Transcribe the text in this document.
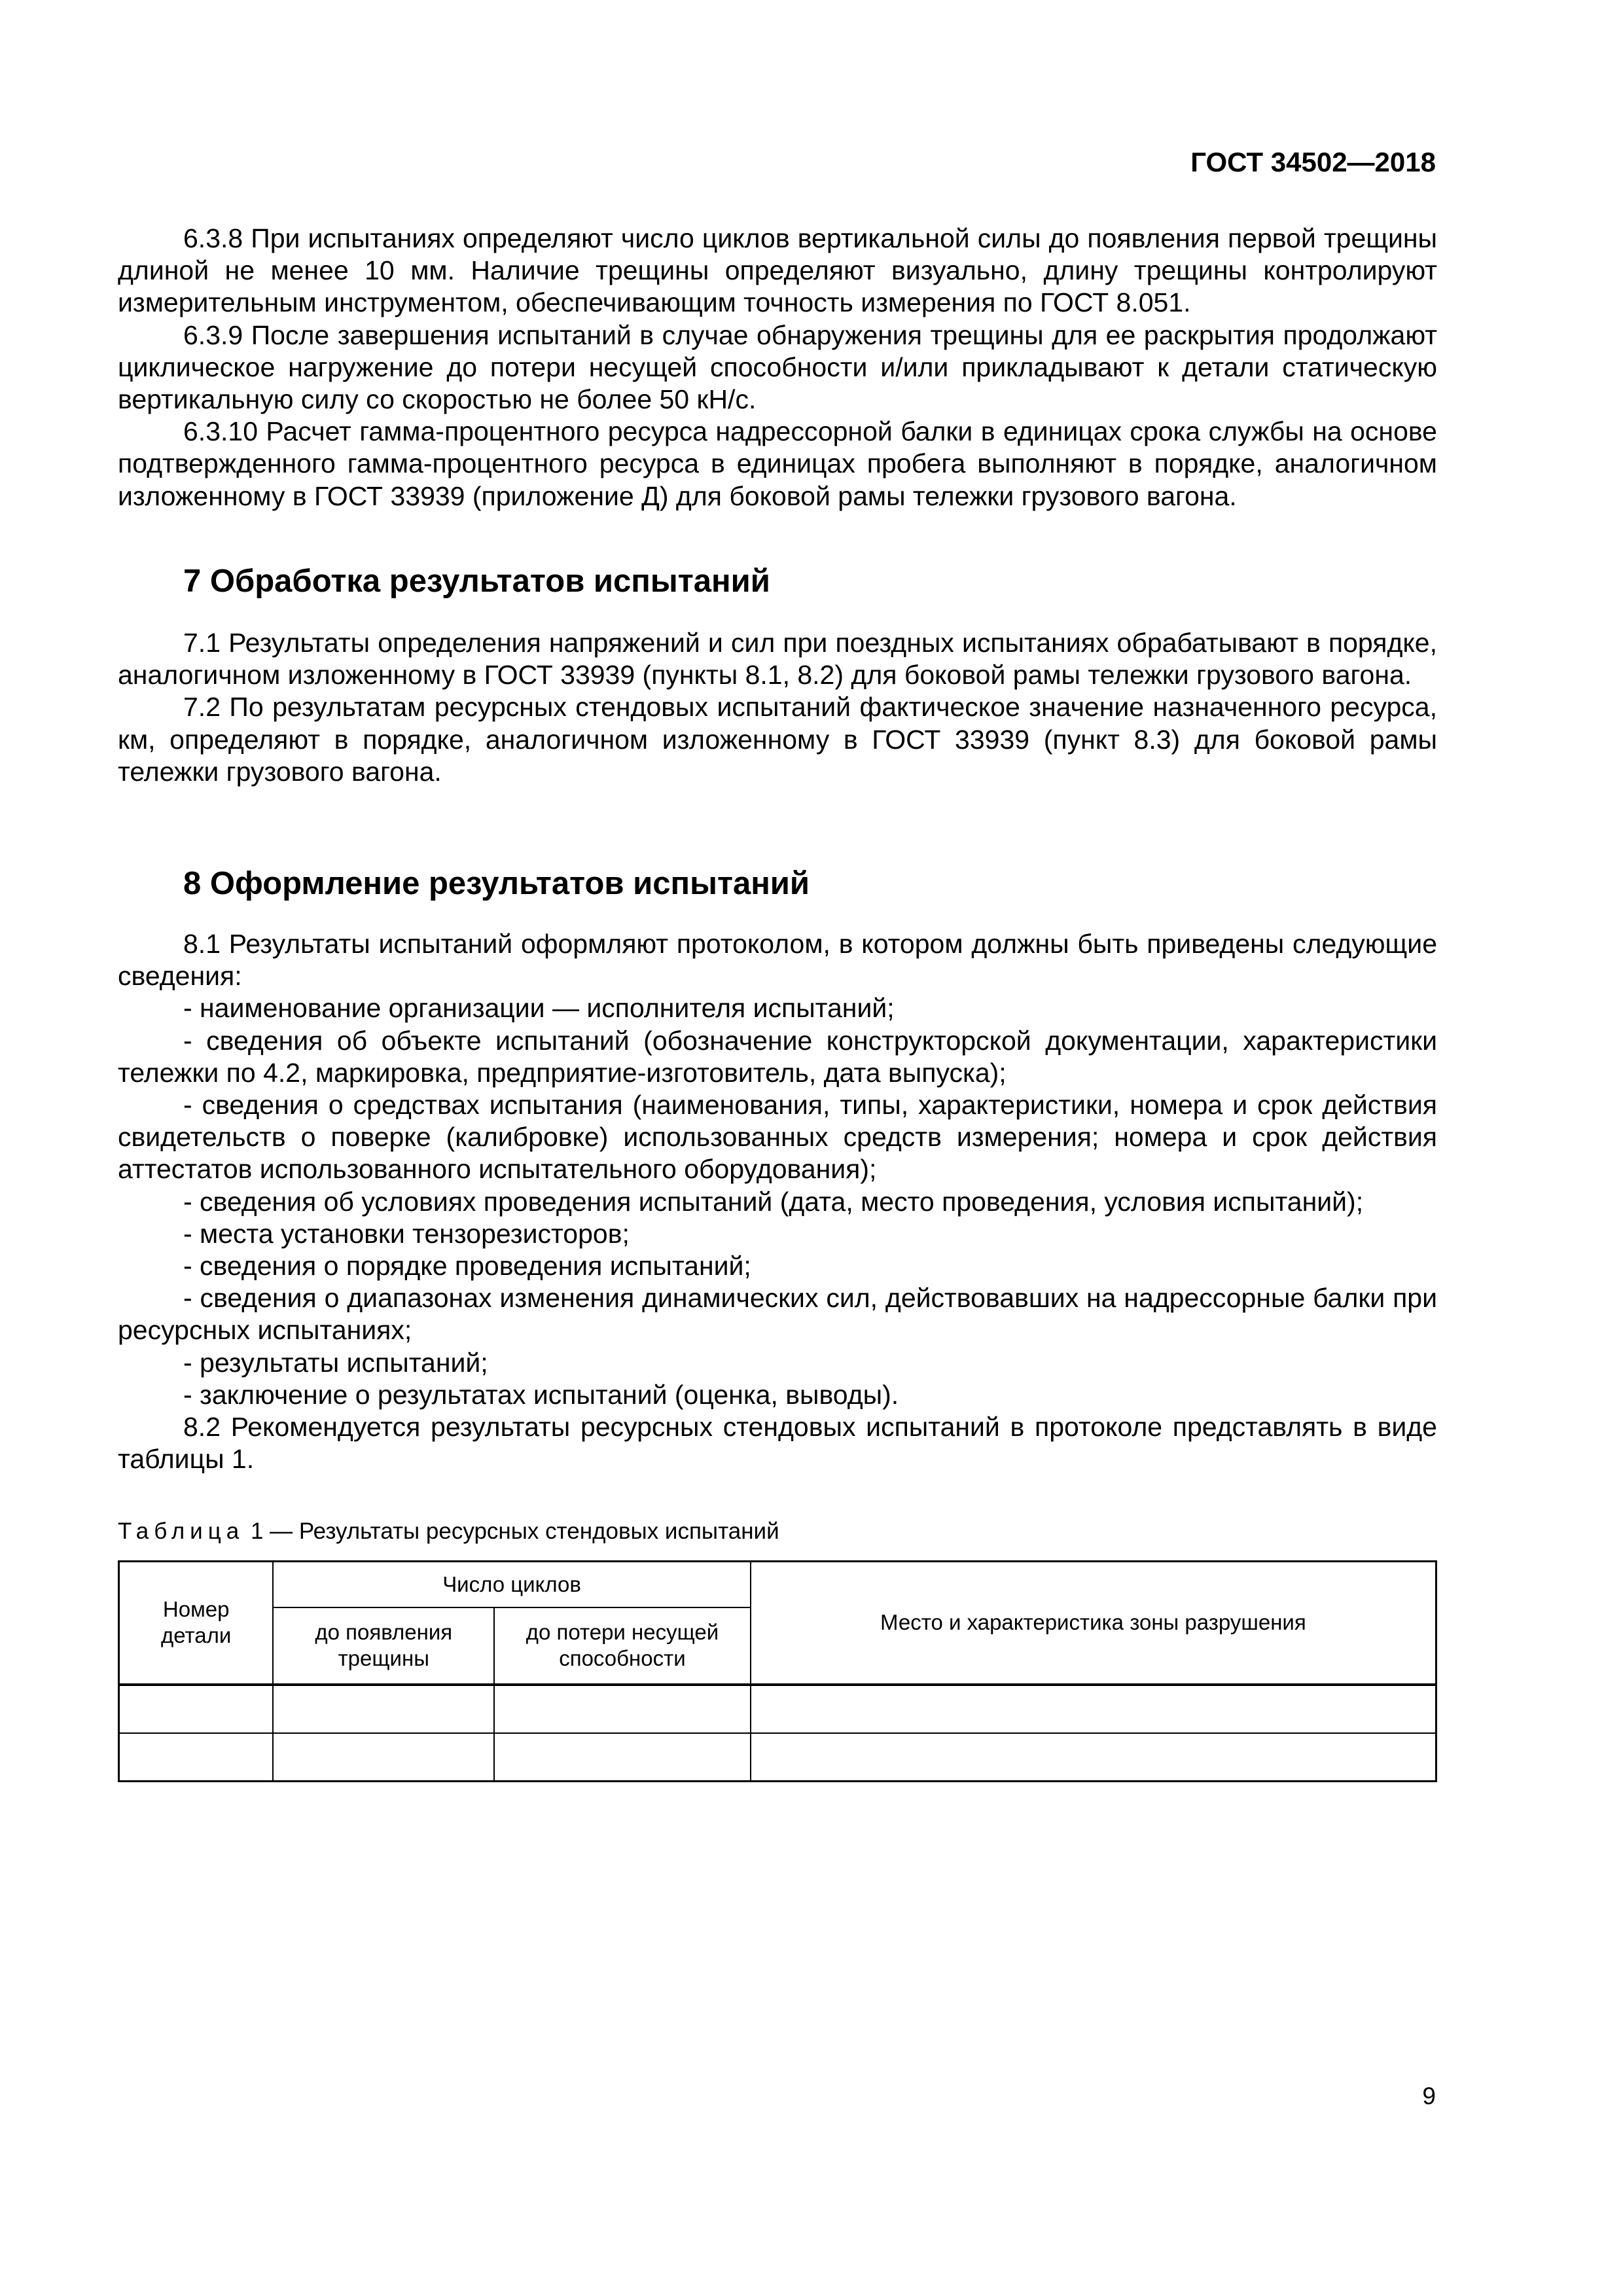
ГОСТ 34502—2018

6.3.8 При испытаниях определяют число циклов вертикальной силы до появления первой трещины длиной не менее 10 мм. Наличие трещины определяют визуально, длину трещины контролируют измерительным инструментом, обеспечивающим точность измерения по ГОСТ 8.051.

6.3.9 После завершения испытаний в случае обнаружения трещины для ее раскрытия продолжают циклическое нагружение до потери несущей способности и/или прикладывают к детали статическую вертикальную силу со скоростью не более 50 кН/с.

6.3.10 Расчет гамма-процентного ресурса надрессорной балки в единицах срока службы на основе подтвержденного гамма-процентного ресурса в единицах пробега выполняют в порядке, аналогичном изложенному в ГОСТ 33939 (приложение Д) для боковой рамы тележки грузового вагона.

7 Обработка результатов испытаний

7.1 Результаты определения напряжений и сил при поездных испытаниях обрабатывают в порядке, аналогичном изложенному в ГОСТ 33939 (пункты 8.1, 8.2) для боковой рамы тележки грузового вагона.

7.2 По результатам ресурсных стендовых испытаний фактическое значение назначенного ресурса, км, определяют в порядке, аналогичном изложенному в ГОСТ 33939 (пункт 8.3) для боковой рамы тележки грузового вагона.

8 Оформление результатов испытаний

8.1 Результаты испытаний оформляют протоколом, в котором должны быть приведены следующие сведения:

- наименование организации — исполнителя испытаний;

- сведения об объекте испытаний (обозначение конструкторской документации, характеристики тележки по 4.2, маркировка, предприятие-изготовитель, дата выпуска);

- сведения о средствах испытания (наименования, типы, характеристики, номера и срок действия свидетельств о поверке (калибровке) использованных средств измерения; номера и срок действия аттестатов использованного испытательного оборудования);

- сведения об условиях проведения испытаний (дата, место проведения, условия испытаний);

- места установки тензорезисторов;

- сведения о порядке проведения испытаний;

- сведения о диапазонах изменения динамических сил, действовавших на надрессорные балки при ресурсных испытаниях;

- результаты испытаний;

- заключение о результатах испытаний (оценка, выводы).

8.2 Рекомендуется результаты ресурсных стендовых испытаний в протоколе представлять в виде таблицы 1.

Таблица 1 — Результаты ресурсных стендовых испытаний
Номер детали	Число циклов		Место и характеристика зоны разрушения
	до появления трещины	до потери несущей способности	

9
